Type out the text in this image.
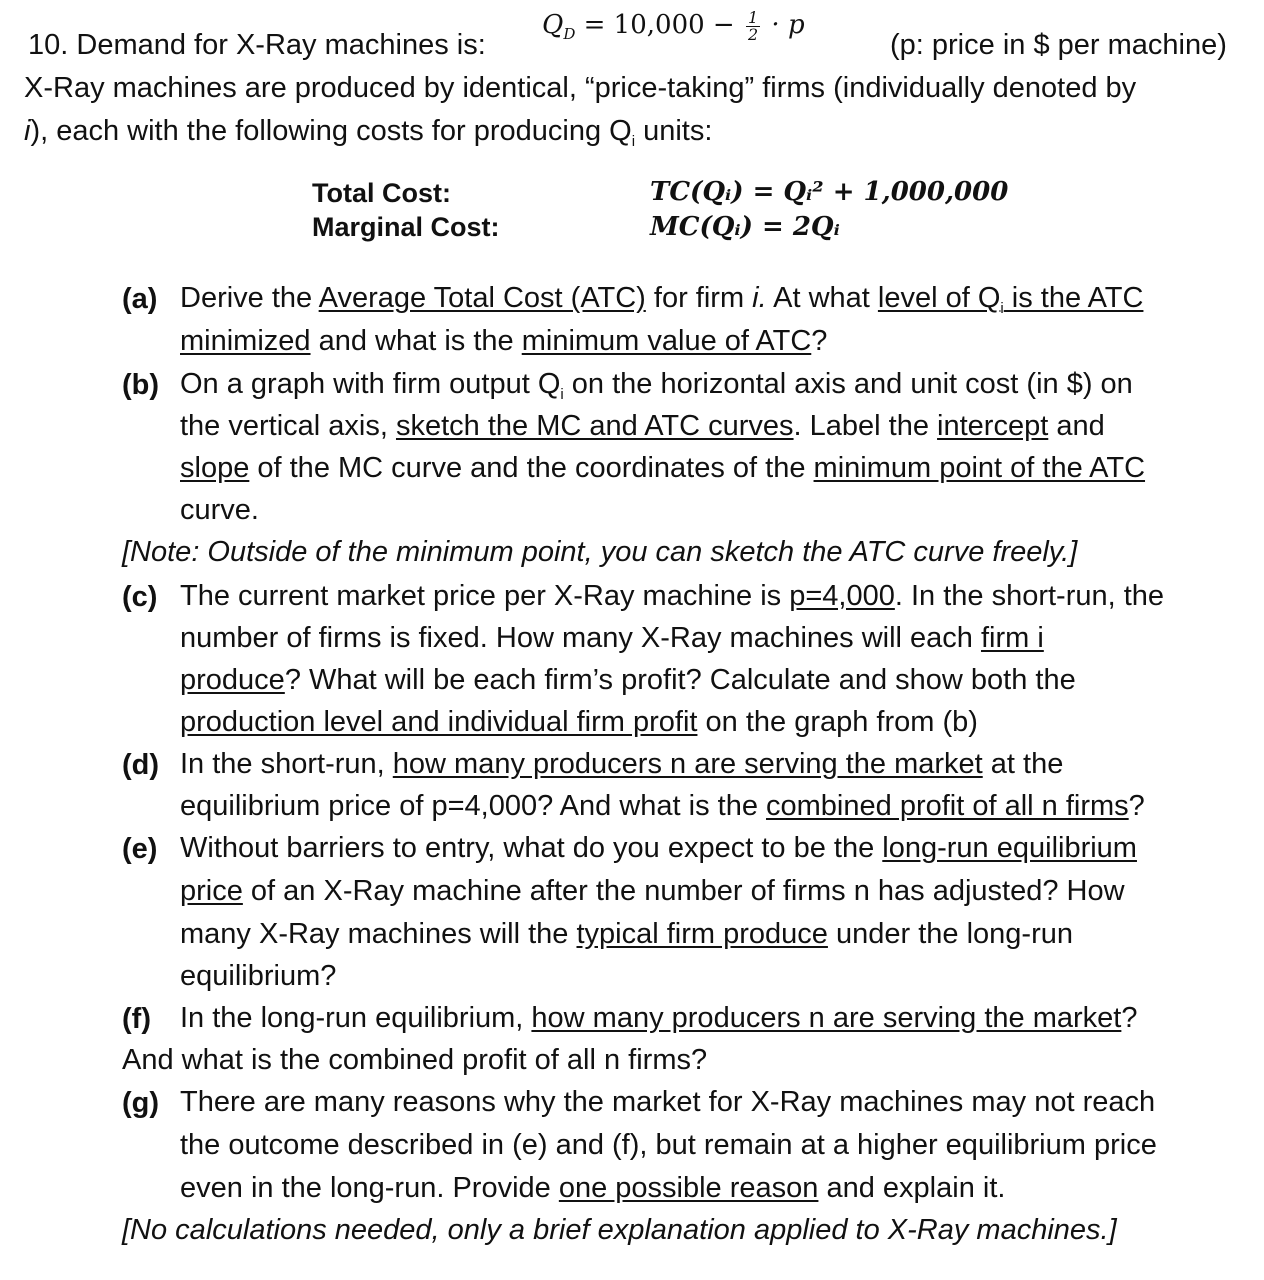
10. Demand for X-Ray machines is:
$Q_D = 10,000 - \frac{1}{2} \cdot p$
(p: price in $ per machine)
X-Ray machines are produced by identical, “price-taking” firms (individually denoted by
i), each with the following costs for producing $Q_i$ units:
Total Cost:
Marginal Cost:
TC(Qᵢ) = Qᵢ² + 1,000,000
MC(Qᵢ) = 2Qᵢ
(a) Derive the Average Total Cost (ATC) for firm i. At what level of $Q_i$ is the ATC
minimized and what is the minimum value of ATC?
(b) On a graph with firm output $Q_i$ on the horizontal axis and unit cost (in $) on
the vertical axis, sketch the MC and ATC curves. Label the intercept and
slope of the MC curve and the coordinates of the minimum point of the ATC
curve.
[Note: Outside of the minimum point, you can sketch the ATC curve freely.]
(c) The current market price per X-Ray machine is p=4,000. In the short-run, the
number of firms is fixed. How many X-Ray machines will each firm i
produce? What will be each firm’s profit? Calculate and show both the
production level and individual firm profit on the graph from (b)
(d) In the short-run, how many producers n are serving the market at the
equilibrium price of p=4,000? And what is the combined profit of all n firms?
(e) Without barriers to entry, what do you expect to be the long-run equilibrium
price of an X-Ray machine after the number of firms n has adjusted? How
many X-Ray machines will the typical firm produce under the long-run
equilibrium?
(f) In the long-run equilibrium, how many producers n are serving the market?
And what is the combined profit of all n firms?
(g) There are many reasons why the market for X-Ray machines may not reach
the outcome described in (e) and (f), but remain at a higher equilibrium price
even in the long-run. Provide one possible reason and explain it.
[No calculations needed, only a brief explanation applied to X-Ray machines.]
